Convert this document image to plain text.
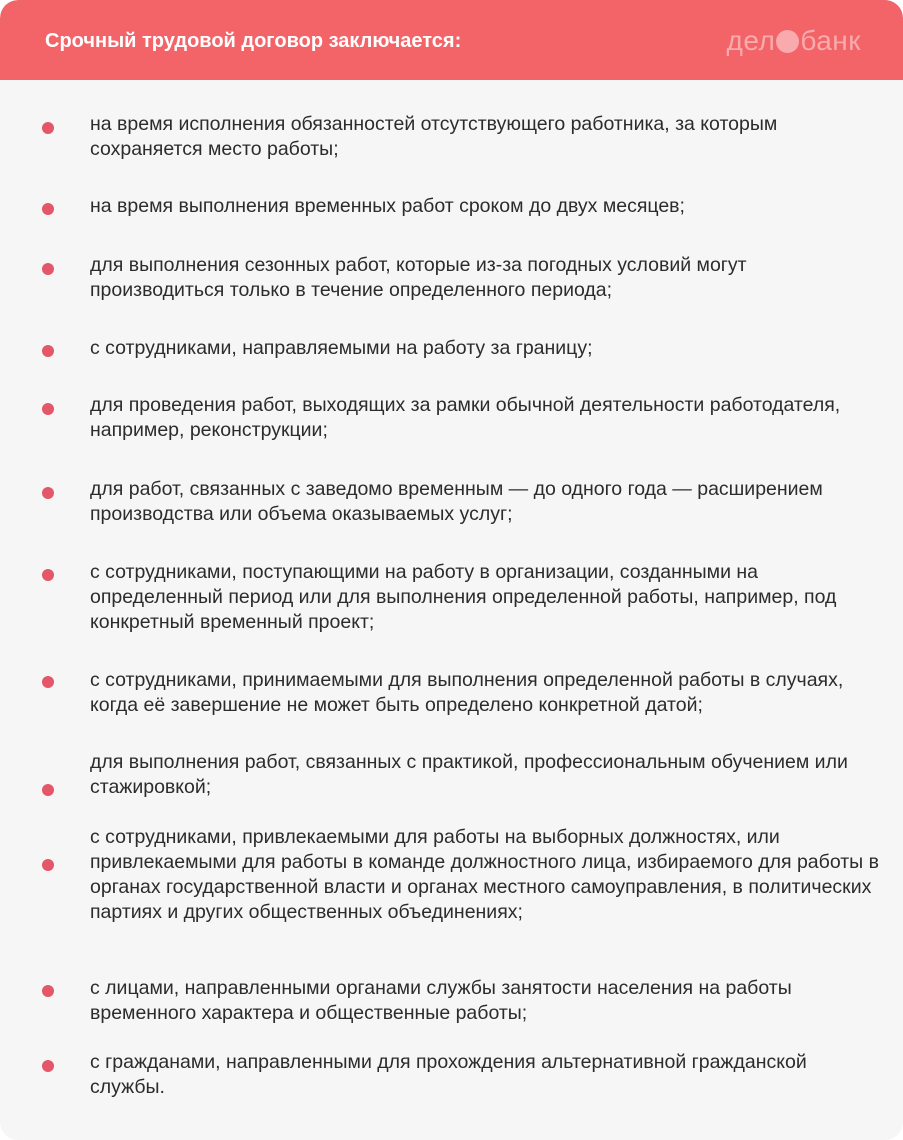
Срочный трудовой договор заключается:	дел банк
на время исполнения обязанностей отсутствующего работника, за которым сохраняется место работы;
на время выполнения временных работ сроком до двух месяцев;
для выполнения сезонных работ, которые из-за погодных условий могут производиться только в течение определенного периода;
с сотрудниками, направляемыми на работу за границу;
для проведения работ, выходящих за рамки обычной деятельности работодателя, например, реконструкции;
для работ, связанных с заведомо временным — до одного года — расширением производства или объема оказываемых услуг;
с сотрудниками, поступающими на работу в организации, созданными на определенный период или для выполнения определенной работы, например, под конкретный временный проект;
с сотрудниками, принимаемыми для выполнения определенной работы в случаях, когда её завершение не может быть определено конкретной датой;
для выполнения работ, связанных с практикой, профессиональным обучением или стажировкой;
с сотрудниками, привлекаемыми для работы на выборных должностях, или привлекаемыми для работы в команде должностного лица, избираемого для работы в органах государственной власти и органах местного самоуправления, в политических партиях и других общественных объединениях;
с лицами, направленными органами службы занятости населения на работы временного характера и общественные работы;
с гражданами, направленными для прохождения альтернативной гражданской службы.
